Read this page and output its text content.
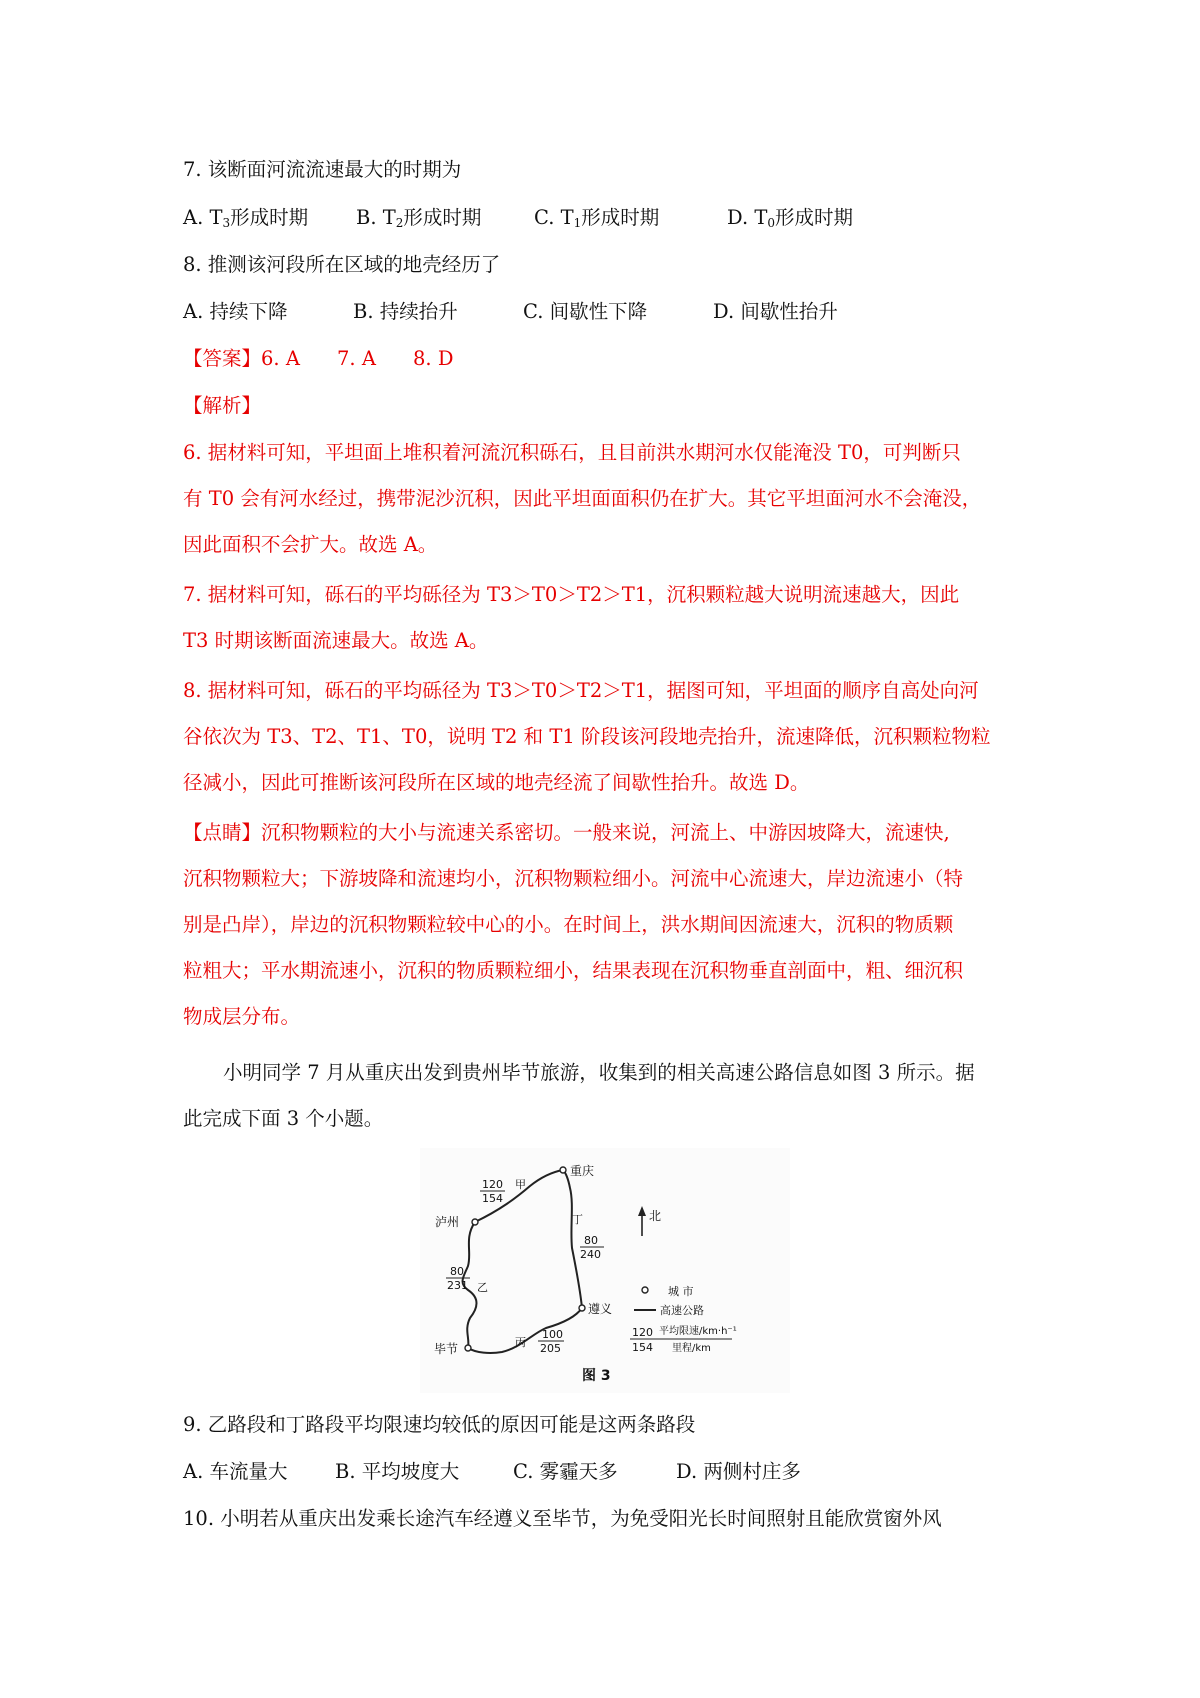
7. 该断面河流流速最大的时期为
A. $T_3$形成时期 B. $T_2$形成时期	C. $T_1$形成时期	D. $T_0$形成时期
8. 推测该河段所在区域的地壳经历了
A. 持续下降	B. 持续抬升	C. 间歇性下降	D. 间歇性抬升
【答案】6. A 7. A 8. D
【解析】
6. 据材料可知，平坦面上堆积着河流沉积砾石，且目前洪水期河水仅能淹没 T0，可判断只
有 T0 会有河水经过，携带泥沙沉积，因此平坦面面积仍在扩大。其它平坦面河水不会淹没，
因此面积不会扩大。故选 A。
7. 据材料可知，砾石的平均砾径为 T3＞T0＞T2＞T1，沉积颗粒越大说明流速越大，因此
T3 时期该断面流速最大。故选 A。
8. 据材料可知，砾石的平均砾径为 T3＞T0＞T2＞T1，据图可知，平坦面的顺序自高处向河
谷依次为 T3、T2、T1、T0，说明 T2 和 T1 阶段该河段地壳抬升，流速降低，沉积颗粒物粒
径减小，因此可推断该河段所在区域的地壳经流了间歇性抬升。故选 D。
【点睛】沉积物颗粒的大小与流速关系密切。一般来说，河流上、中游因坡降大，流速快,
沉积物颗粒大；下游坡降和流速均小，沉积物颗粒细小。河流中心流速大，岸边流速小（特
别是凸岸），岸边的沉积物颗粒较中心的小。在时间上，洪水期间因流速大，沉积的物质颗
粒粗大；平水期流速小，沉积的物质颗粒细小，结果表现在沉积物垂直剖面中，粗、细沉积
物成层分布。
小明同学 7 月从重庆出发到贵州毕节旅游，收集到的相关高速公路信息如图 3 所示。据
此完成下面 3 个小题。
重庆
泸州
遵义
毕节
120
154
甲
丁
80
240
80
231 乙
丙
100
205
北
城 市
高速公路
120
154
平均限速/km·h⁻¹
里程/km
图 3
9. 乙路段和丁路段平均限速均较低的原因可能是这两条路段
A. 车流量大 B. 平均坡度大	C. 雾霾天多	D. 两侧村庄多
10. 小明若从重庆出发乘长途汽车经遵义至毕节，为免受阳光长时间照射且能欣赏窗外风
